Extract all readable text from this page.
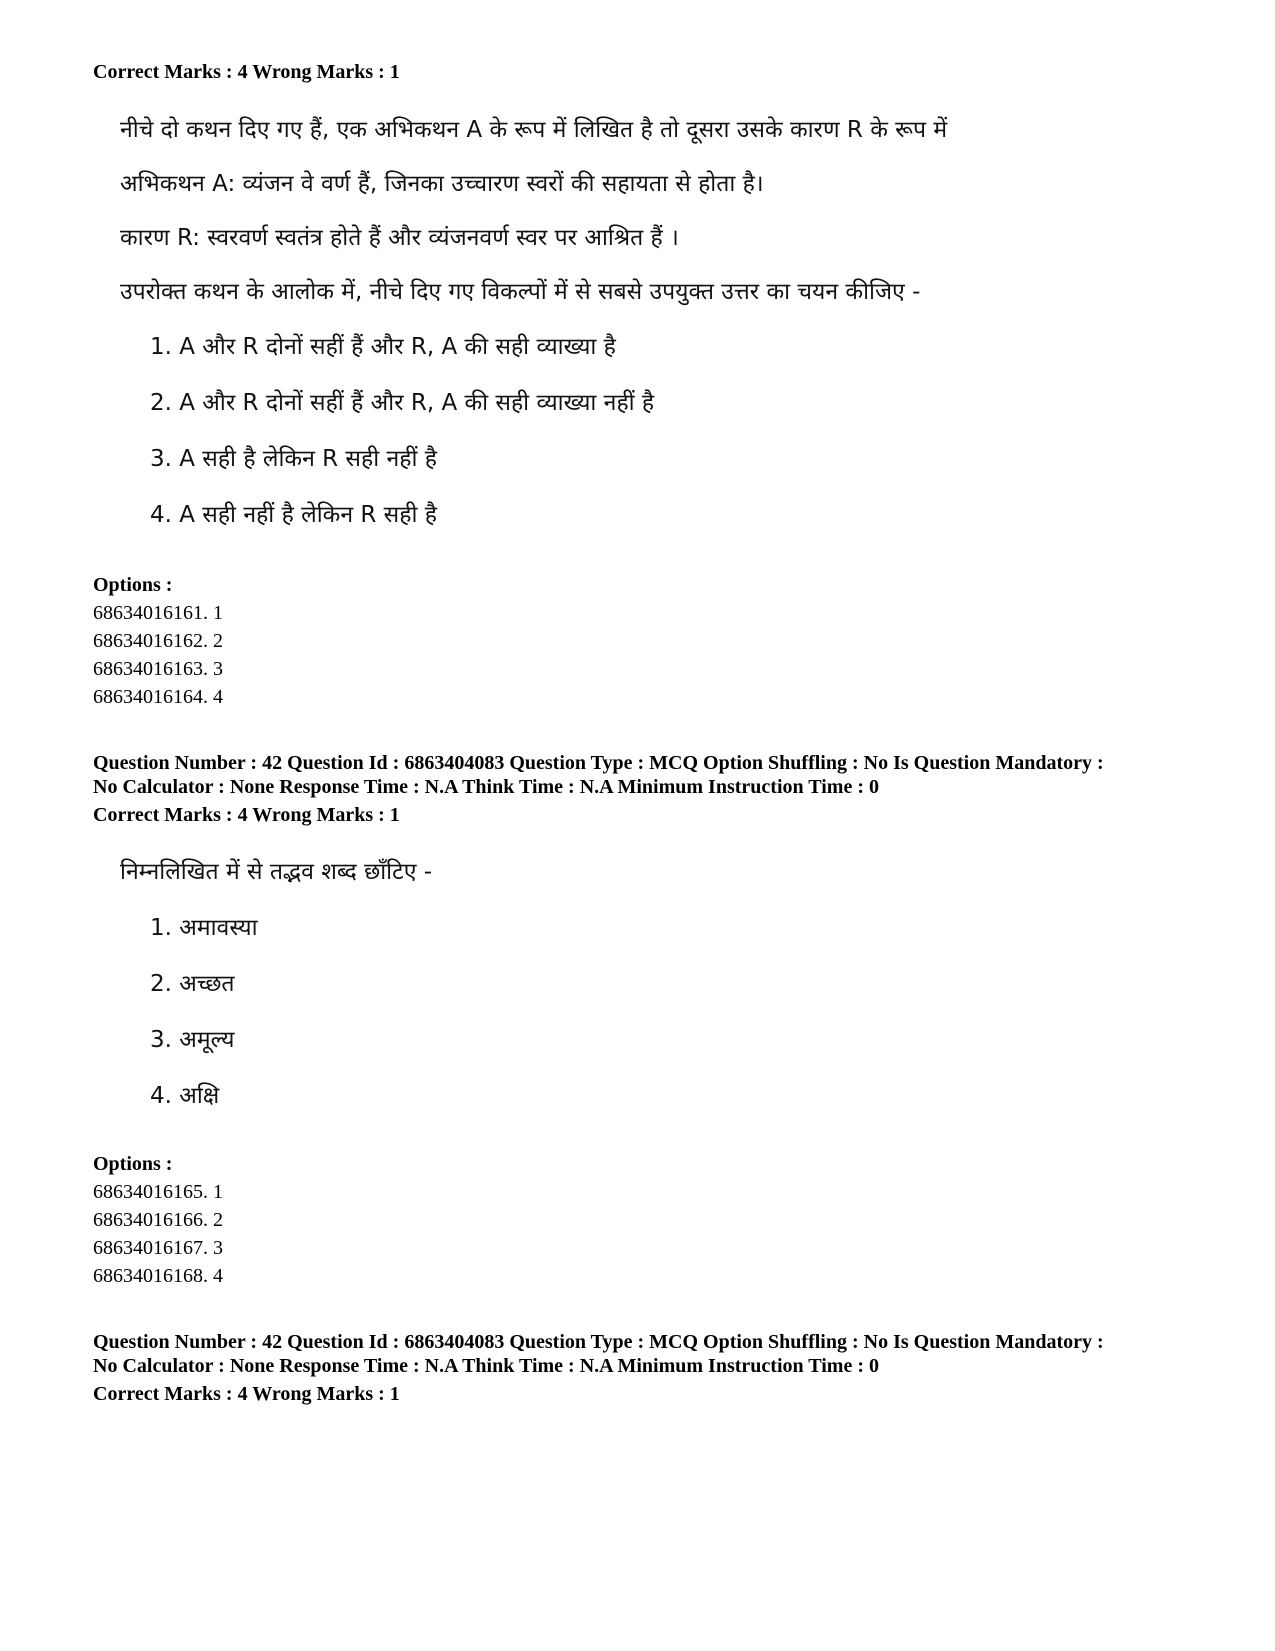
Correct Marks : 4 Wrong Marks : 1
नीचे दो कथन दिए गए हैं, एक अभिकथन A के रूप में लिखित है तो दूसरा उसके कारण R के रूप में
अभिकथन A: व्यंजन वे वर्ण हैं, जिनका उच्चारण स्वरों की सहायता से होता है।
कारण R: स्वरवर्ण स्वतंत्र होते हैं और व्यंजनवर्ण स्वर पर आश्रित हैं ।
उपरोक्त कथन के आलोक में, नीचे दिए गए विकल्पों में से सबसे उपयुक्त उत्तर का चयन कीजिए -
1. A और R दोनों सहीं हैं और R, A की सही व्याख्या है
2. A और R दोनों सहीं हैं और R, A की सही व्याख्या नहीं है
3. A सही है लेकिन R सही नहीं है
4. A सही नहीं है लेकिन R सही है
Options :
68634016161. 1
68634016162. 2
68634016163. 3
68634016164. 4
Question Number : 42 Question Id : 6863404083 Question Type : MCQ Option Shuffling : No Is Question Mandatory :
No Calculator : None Response Time : N.A Think Time : N.A Minimum Instruction Time : 0
Correct Marks : 4 Wrong Marks : 1
निम्नलिखित में से तद्भव शब्द छाँटिए -
1. अमावस्या
2. अच्छत
3. अमूल्य
4. अक्षि
Options :
68634016165. 1
68634016166. 2
68634016167. 3
68634016168. 4
Question Number : 42 Question Id : 6863404083 Question Type : MCQ Option Shuffling : No Is Question Mandatory :
No Calculator : None Response Time : N.A Think Time : N.A Minimum Instruction Time : 0
Correct Marks : 4 Wrong Marks : 1
